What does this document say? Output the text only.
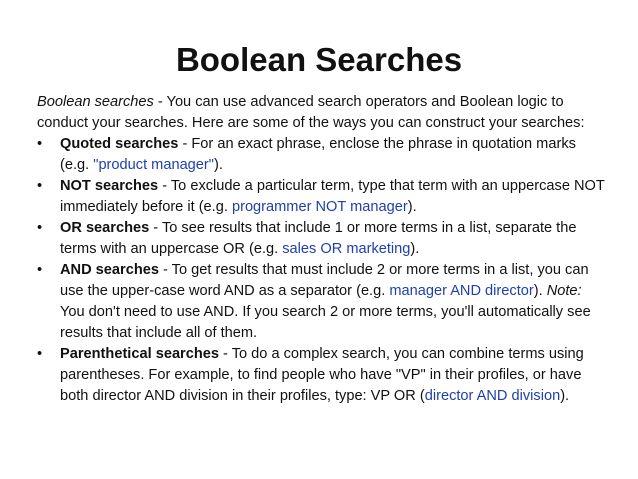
Boolean Searches

Boolean searches - You can use advanced search operators and Boolean logic to conduct your searches. Here are some of the ways you can construct your searches:

• Quoted searches - For an exact phrase, enclose the phrase in quotation marks (e.g. "product manager").
• NOT searches - To exclude a particular term, type that term with an uppercase NOT immediately before it (e.g. programmer NOT manager).
• OR searches - To see results that include 1 or more terms in a list, separate the terms with an uppercase OR (e.g. sales OR marketing).
• AND searches - To get results that must include 2 or more terms in a list, you can use the upper-case word AND as a separator (e.g. manager AND director). Note: You don't need to use AND. If you search 2 or more terms, you'll automatically see results that include all of them.
• Parenthetical searches - To do a complex search, you can combine terms using parentheses. For example, to find people who have "VP" in their profiles, or have both director AND division in their profiles, type: VP OR (director AND division).
